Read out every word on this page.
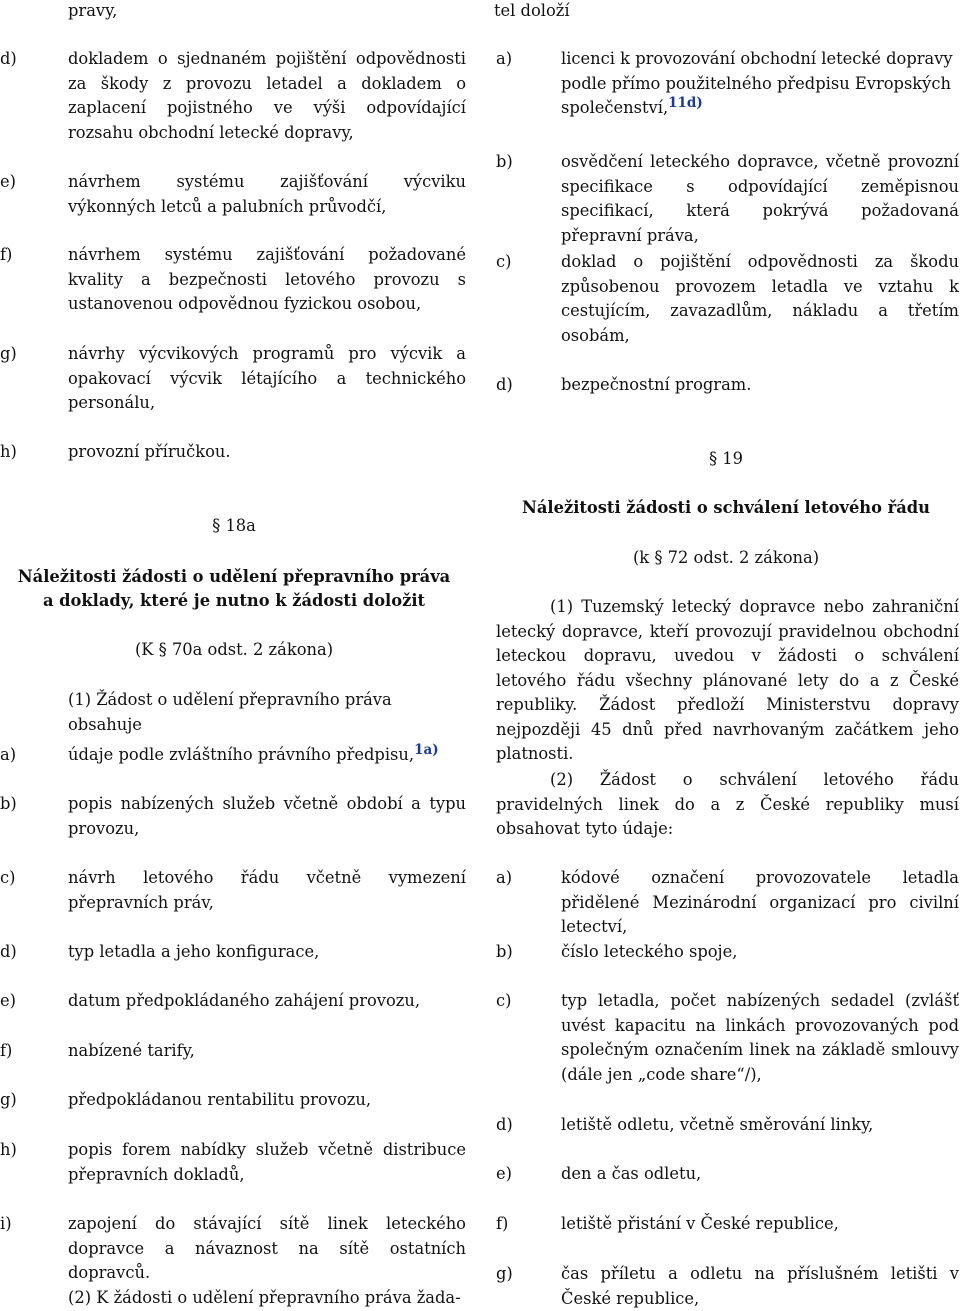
pravy,
d)	dokladem o sjednaném pojištění odpovědnosti za škody z provozu letadel a dokladem o zaplacení pojistného ve výši odpovídající rozsahu obchodní letecké dopravy,
e)	návrhem systému zajišťování výcviku výkonných letců a palubních průvodčí,
f)	návrhem systému zajišťování požadované kvality a bezpečnosti letového provozu s ustanovenou odpovědnou fyzickou osobou,
g)	návrhy výcvikových programů pro výcvik a opakovací výcvik létajícího a technického personálu,
h)	provozní příručkou.
§ 18a
Náležitosti žádosti o udělení přepravního práva
a doklady, které je nutno k žádosti doložit
(K § 70a odst. 2 zákona)
(1) Žádost o udělení přepravního práva obsahuje
a)	údaje podle zvláštního právního předpisu,$^{1a)}$
b)	popis nabízených služeb včetně období a typu provozu,
c)	návrh letového řádu včetně vymezení přepravních práv,
d)	typ letadla a jeho konfigurace,
e)	datum předpokládaného zahájení provozu,
f)	nabízené tarify,
g)	předpokládanou rentabilitu provozu,
h)	popis forem nabídky služeb včetně distribuce přepravních dokladů,
i)	zapojení do stávající sítě linek leteckého dopravce a návaznost na sítě ostatních dopravců.
(2) K žádosti o udělení přepravního práva žada-
tel doloží
a)	licenci k provozování obchodní letecké dopravy podle přímo použitelného předpisu Evropských společenství,$^{11d)}$
b)	osvědčení leteckého dopravce, včetně provozní specifikace s odpovídající zeměpisnou specifikací, která pokrývá požadovaná přepravní práva,
c)	doklad o pojištění odpovědnosti za škodu způsobenou provozem letadla ve vztahu k cestujícím, zavazadlům, nákladu a třetím osobám,
d)	bezpečnostní program.
§ 19
Náležitosti žádosti o schválení letového řádu
(k § 72 odst. 2 zákona)
(1) Tuzemský letecký dopravce nebo zahraniční letecký dopravce, kteří provozují pravidelnou obchodní leteckou dopravu, uvedou v žádosti o schválení letového řádu všechny plánované lety do a z České republiky. Žádost předloží Ministerstvu dopravy nejpozději 45 dnů před navrhovaným začátkem jeho platnosti.
(2) Žádost o schválení letového řádu pravidelných linek do a z České republiky musí obsahovat tyto údaje:
a)	kódové označení provozovatele letadla přidělené Mezinárodní organizací pro civilní letectví,
b)	číslo leteckého spoje,
c)	typ letadla, počet nabízených sedadel (zvlášť uvést kapacitu na linkách provozovaných pod společným označením linek na základě smlouvy (dále jen „code share“/),
d)	letiště odletu, včetně směrování linky,
e)	den a čas odletu,
f)	letiště přistání v České republice,
g)	čas příletu a odletu na příslušném letišti v České republice,
